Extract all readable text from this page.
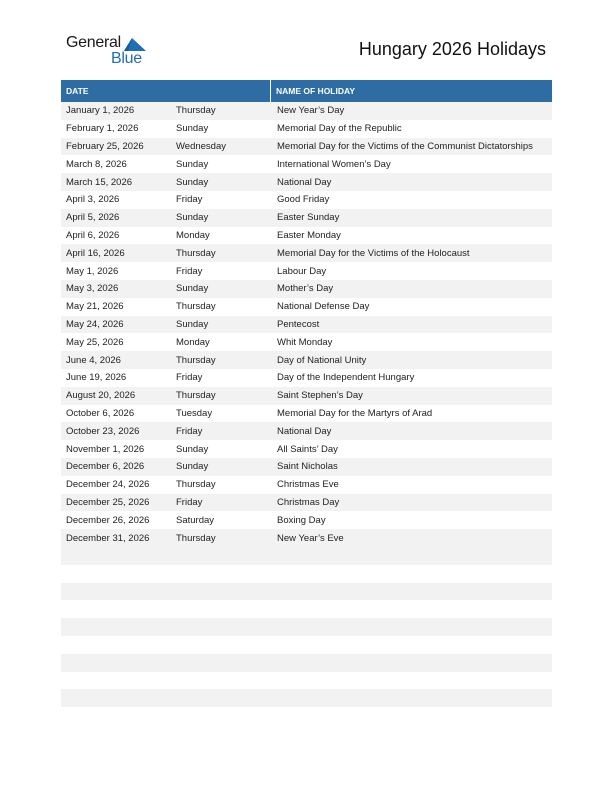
General
Blue	Hungary 2026 Holidays
DATE	NAME OF HOLIDAY
January 1, 2026	Thursday	New Year’s Day
February 1, 2026	Sunday	Memorial Day of the Republic
February 25, 2026	Wednesday	Memorial Day for the Victims of the Communist Dictatorships
March 8, 2026	Sunday	International Women’s Day
March 15, 2026	Sunday	National Day
April 3, 2026	Friday	Good Friday
April 5, 2026	Sunday	Easter Sunday
April 6, 2026	Monday	Easter Monday
April 16, 2026	Thursday	Memorial Day for the Victims of the Holocaust
May 1, 2026	Friday	Labour Day
May 3, 2026	Sunday	Mother’s Day
May 21, 2026	Thursday	National Defense Day
May 24, 2026	Sunday	Pentecost
May 25, 2026	Monday	Whit Monday
June 4, 2026	Thursday	Day of National Unity
June 19, 2026	Friday	Day of the Independent Hungary
August 20, 2026	Thursday	Saint Stephen’s Day
October 6, 2026	Tuesday	Memorial Day for the Martyrs of Arad
October 23, 2026	Friday	National Day
November 1, 2026	Sunday	All Saints’ Day
December 6, 2026	Sunday	Saint Nicholas
December 24, 2026	Thursday	Christmas Eve
December 25, 2026	Friday	Christmas Day
December 26, 2026	Saturday	Boxing Day
December 31, 2026	Thursday	New Year’s Eve
